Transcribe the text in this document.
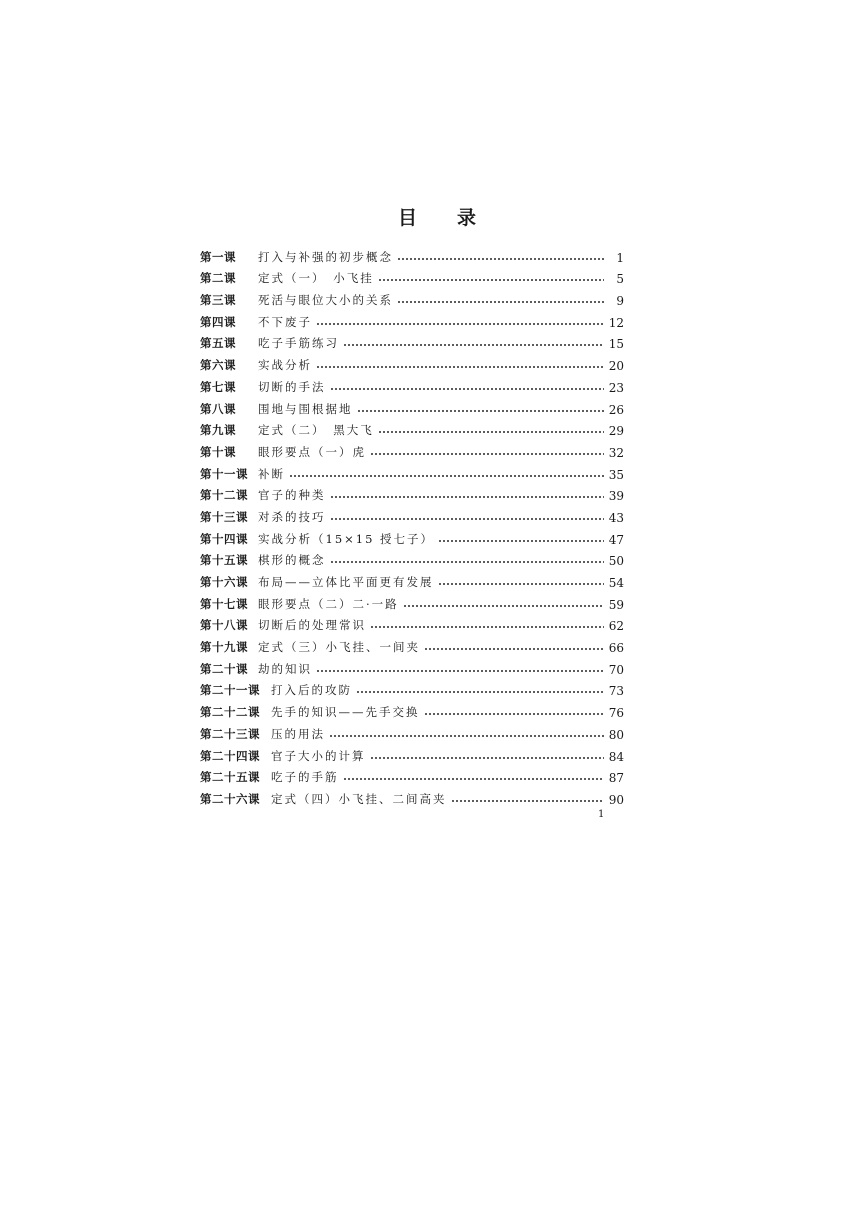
目 录
第一课	打入与补强的初步概念	1
第二课	定式（一）　小飞挂	5
第三课	死活与眼位大小的关系	9
第四课	不下废子	12
第五课	吃子手筋练习	15
第六课	实战分析	20
第七课	切断的手法	23
第八课	围地与围根据地	26
第九课	定式（二）　黑大飞	29
第十课	眼形要点（一）虎	32
第十一课 补断	35
第十二课 官子的种类	39
第十三课 对杀的技巧	43
第十四课 实战分析（15×15 授七子）	47
第十五课 棋形的概念	50
第十六课 布局——立体比平面更有发展	54
第十七课 眼形要点（二）二·一路	59
第十八课 切断后的处理常识	62
第十九课 定式（三）小飞挂、一间夹	66
第二十课 劫的知识	70
第二十一课 打入后的攻防	73
第二十二课 先手的知识——先手交换	76
第二十三课 压的用法	80
第二十四课 官子大小的计算	84
第二十五课 吃子的手筋	87
第二十六课 定式（四）小飞挂、二间高夹	90
1
